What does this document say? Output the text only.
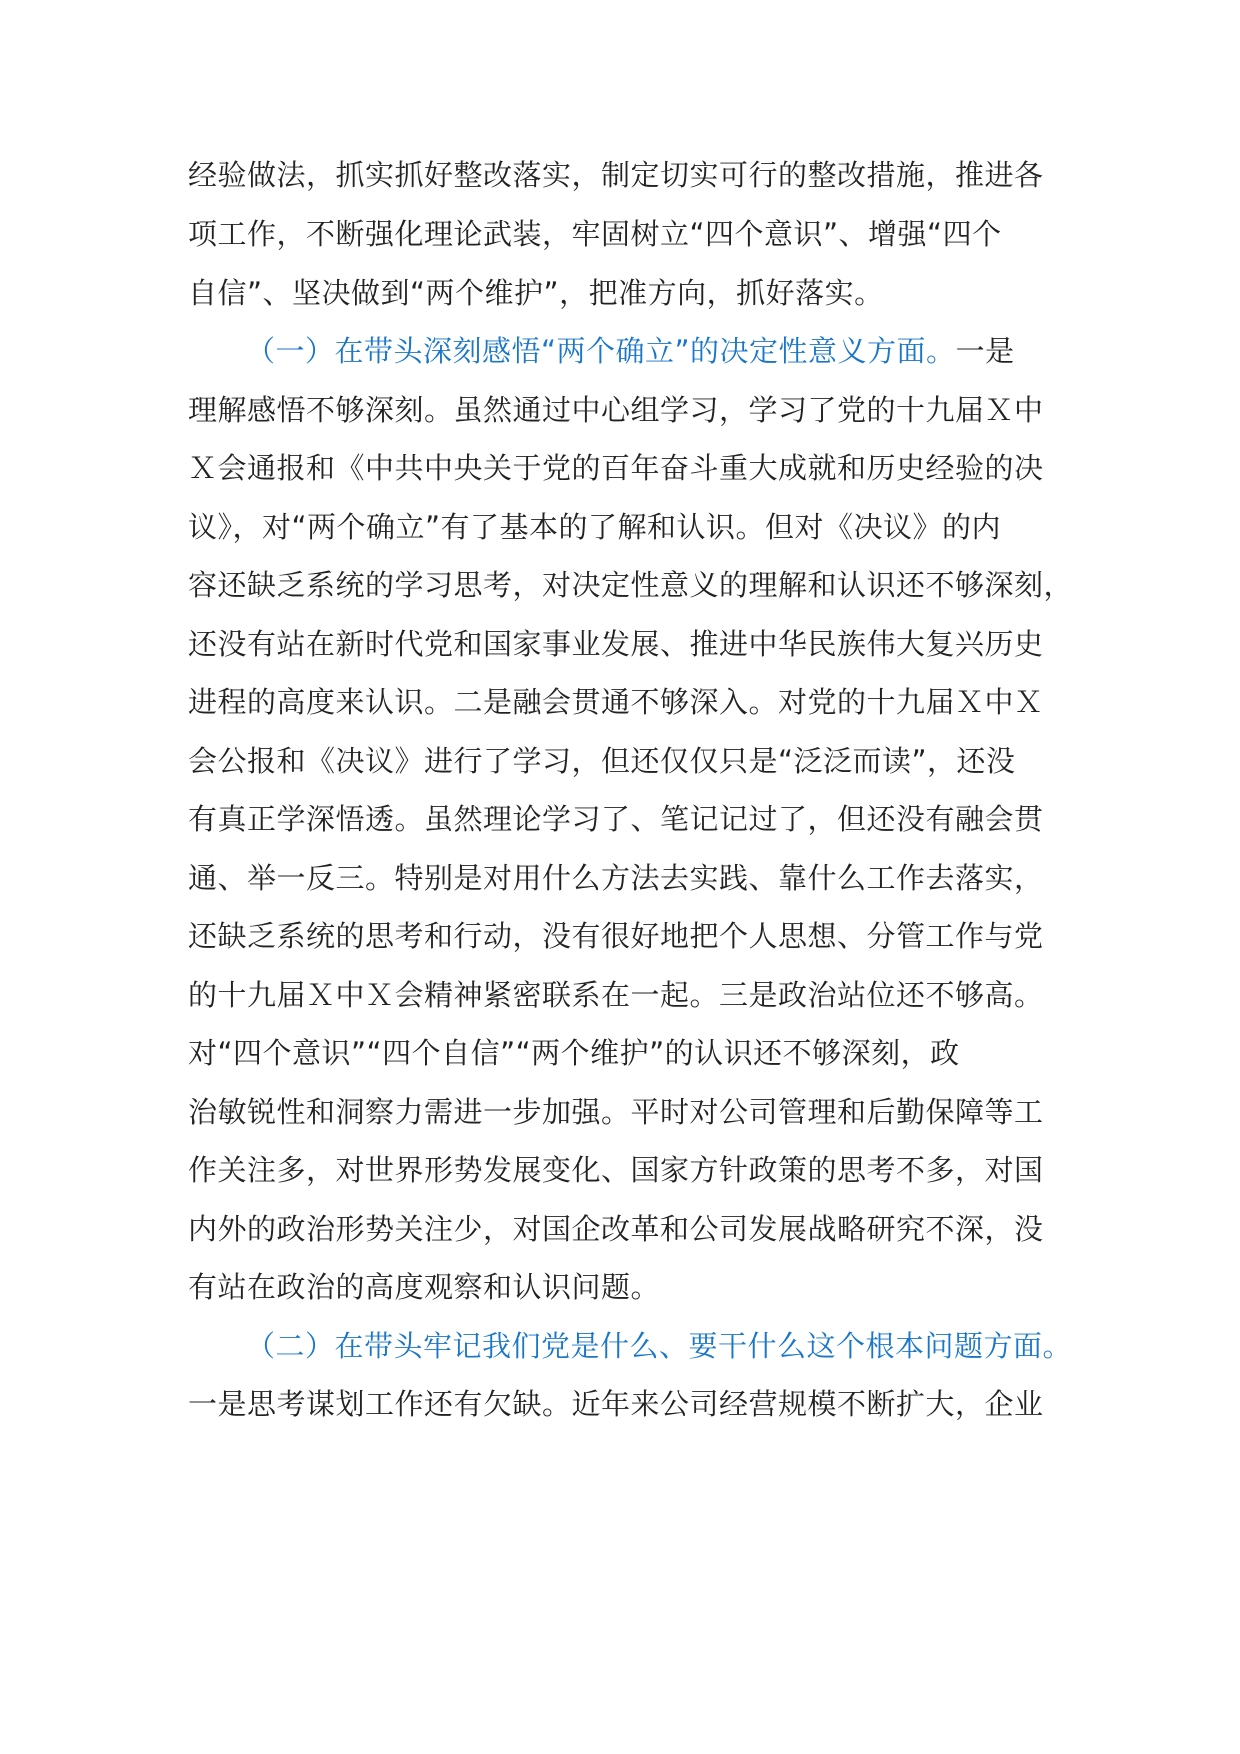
经验做法，抓实抓好整改落实，制定切实可行的整改措施，推进各
项工作，不断强化理论武装，牢固树立“四个意识”、增强“四个
自信”、坚决做到“两个维护”，把准方向，抓好落实。
（一）在带头深刻感悟“两个确立”的决定性意义方面。一是
理解感悟不够深刻。虽然通过中心组学习，学习了党的十九届Ｘ中
Ｘ会通报和《中共中央关于党的百年奋斗重大成就和历史经验的决
议》，对“两个确立”有了基本的了解和认识。但对《决议》的内
容还缺乏系统的学习思考，对决定性意义的理解和认识还不够深刻，
还没有站在新时代党和国家事业发展、推进中华民族伟大复兴历史
进程的高度来认识。二是融会贯通不够深入。对党的十九届Ｘ中Ｘ
会公报和《决议》进行了学习，但还仅仅只是“泛泛而读”，还没
有真正学深悟透。虽然理论学习了、笔记记过了，但还没有融会贯
通、举一反三。特别是对用什么方法去实践、靠什么工作去落实，
还缺乏系统的思考和行动，没有很好地把个人思想、分管工作与党
的十九届Ｘ中Ｘ会精神紧密联系在一起。三是政治站位还不够高。
对“四个意识”“四个自信”“两个维护”的认识还不够深刻，政
治敏锐性和洞察力需进一步加强。平时对公司管理和后勤保障等工
作关注多，对世界形势发展变化、国家方针政策的思考不多，对国
内外的政治形势关注少，对国企改革和公司发展战略研究不深，没
有站在政治的高度观察和认识问题。
（二）在带头牢记我们党是什么、要干什么这个根本问题方面。
一是思考谋划工作还有欠缺。近年来公司经营规模不断扩大，企业
